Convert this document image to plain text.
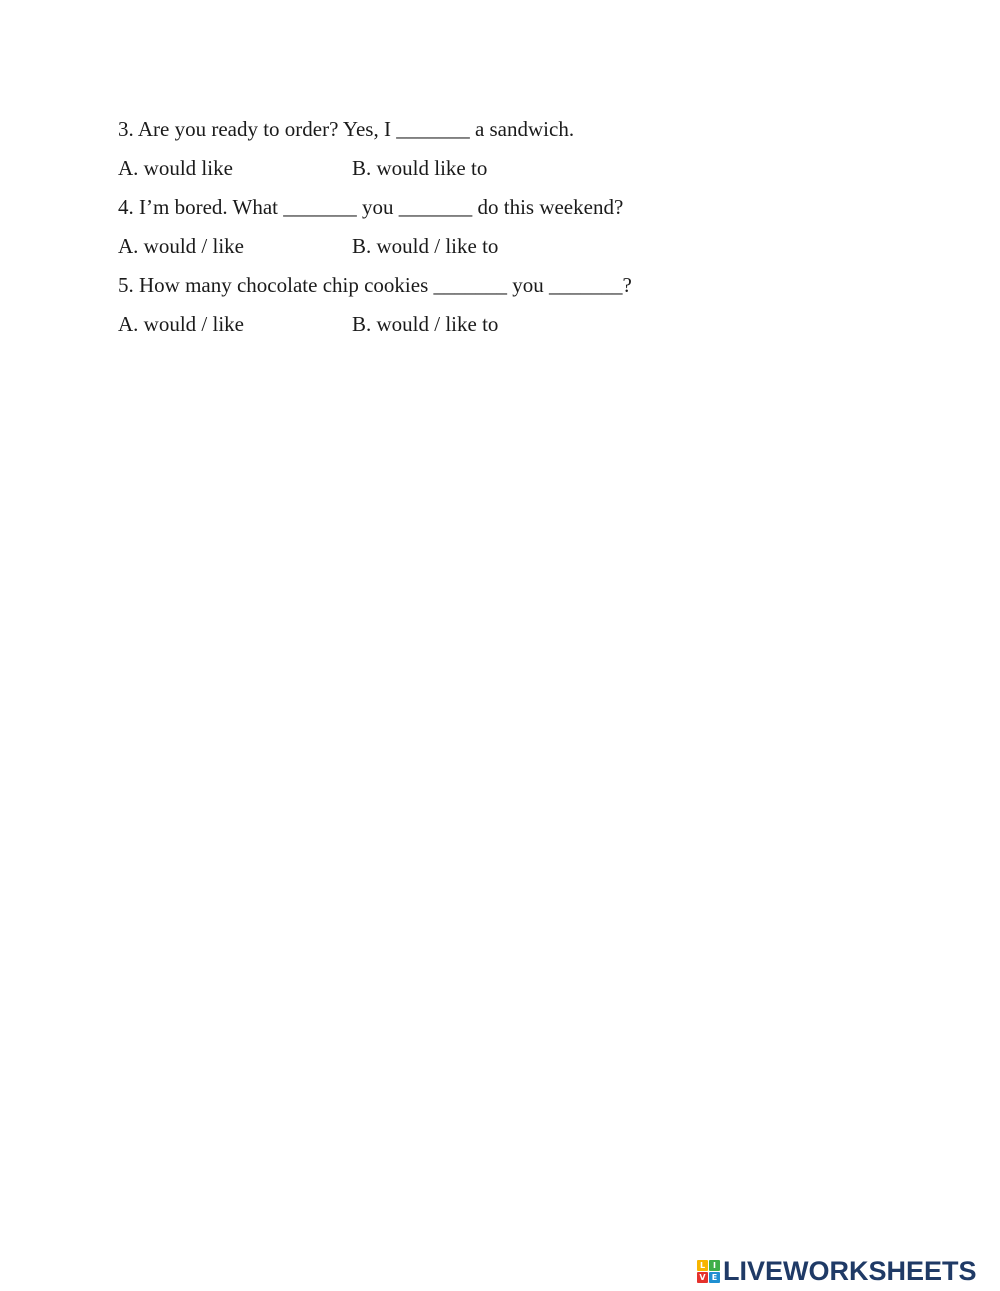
3. Are you ready to order? Yes, I _______ a sandwich.
A. would like	B. would like to
4. I’m bored. What _______ you _______ do this weekend?
A. would / like	B. would / like to
5. How many chocolate chip cookies _______ you _______?
A. would / like	B. would / like to
L I
V E LIVEWORKSHEETS
